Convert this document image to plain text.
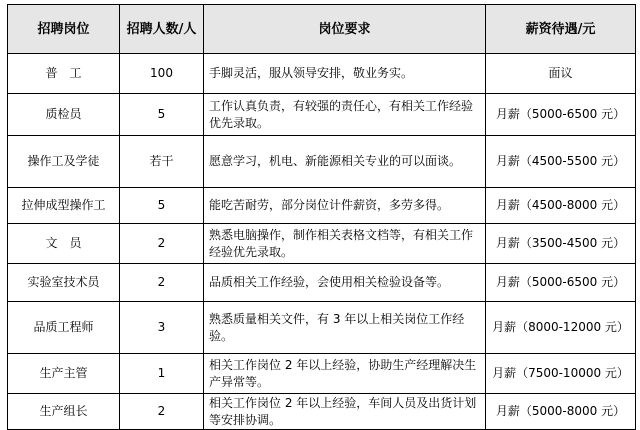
招聘岗位	招聘人数/人	岗位要求	薪资待遇/元
普　工	100	手脚灵活，服从领导安排，敬业务实。	面议
质检员	5	工作认真负责，有较强的责任心，有相关工作经验优先录取。	月薪（5000-6500 元）
操作工及学徒	若干	愿意学习，机电、新能源相关专业的可以面谈。	月薪（4500-5500 元）
拉伸成型操作工	5	能吃苦耐劳，部分岗位计件薪资，多劳多得。	月薪（4500-8000 元）
文　员	2	熟悉电脑操作，制作相关表格文档等，有相关工作经验优先录取。	月薪（3500-4500 元）
实验室技术员	2	品质相关工作经验，会使用相关检验设备等。	月薪（5000-6500 元）
品质工程师	3	熟悉质量相关文件，有 3 年以上相关岗位工作经验。	月薪（8000-12000 元）
生产主管	1	相关工作岗位 2 年以上经验，协助生产经理解决生产异常等。	月薪（7500-10000 元）
生产组长	2	相关工作岗位 2 年以上经验，车间人员及出货计划等安排协调。	月薪（5000-8000 元）
